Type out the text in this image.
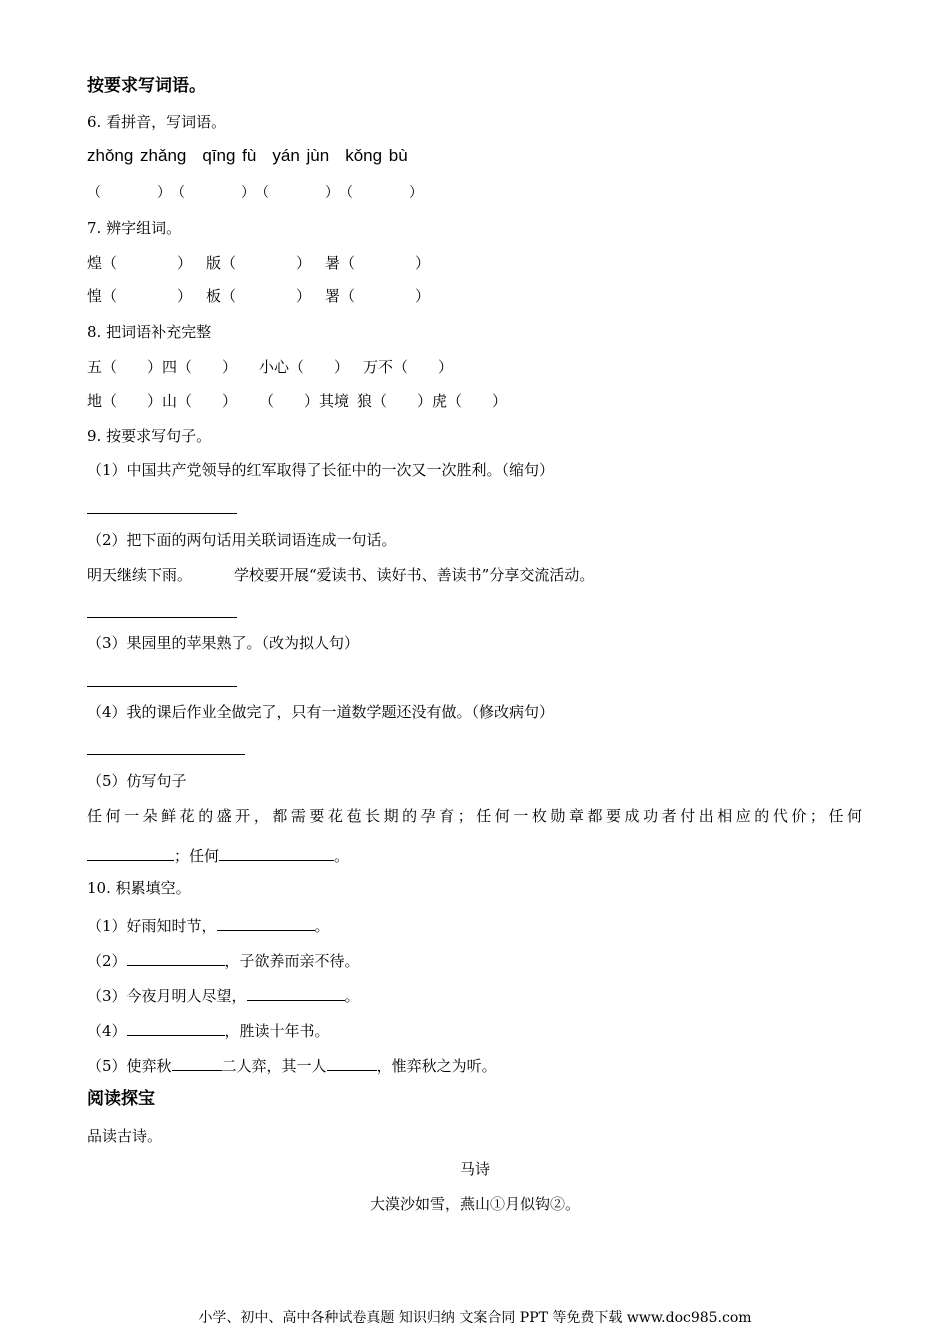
按要求写词语。
6. 看拼音，写词语。
zhǒng zhǎng qīng fù yán jùn kǒng bù
（　　　　）　（　　　　）　（　　　　）　（　　　　）
7. 辨字组词。
煌（　　　　） 版（　　　　） 暑（　　　　）
惶（　　　　） 板（　　　　） 署（　　　　）
8. 把词语补充完整
五（　　）四（　　） 小心（　　） 万不（　　）
地（　　）山（　　） （　　）其境 狼（　　）虎（　　）
9. 按要求写句子。
（1）中国共产党领导的红军取得了长征中的一次又一次胜利。（缩句）
（2）把下面的两句话用关联词语连成一句话。
明天继续下雨。	学校要开展“爱读书、读好书、善读书”分享交流活动。
（3）果园里的苹果熟了。（改为拟人句）
（4）我的课后作业全做完了，只有一道数学题还没有做。（修改病句）
（5）仿写句子
任何一朵鲜花的盛开，都需要花苞长期的孕育；任何一枚勋章都要成功者付出相应的代价；任何
；任何	。
10. 积累填空。
（1）好雨知时节，	。
（2）	，子欲养而亲不待。
（3）今夜月明人尽望，	。
（4）	，胜读十年书。
（5）使弈秋	二人弈，其一人	，惟弈秋之为听。
阅读探宝
品读古诗。
马诗
大漠沙如雪，燕山①月似钩②。
小学、初中、高中各种试卷真题 知识归纳 文案合同 PPT 等免费下载 www.doc985.com
